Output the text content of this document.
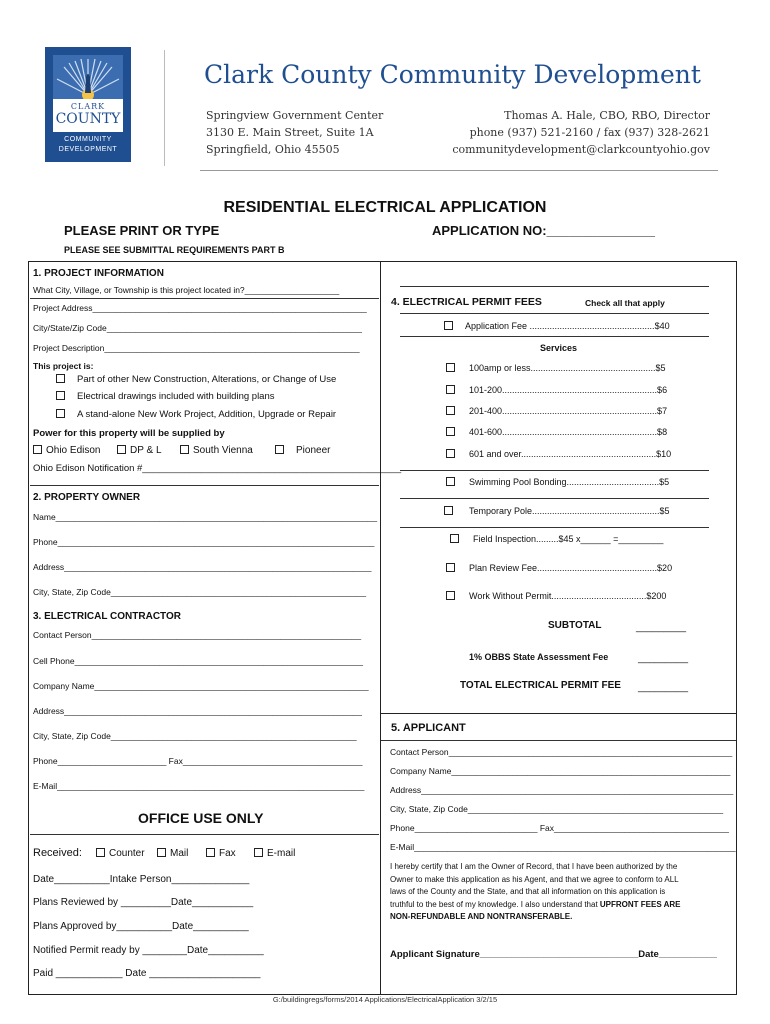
CLARK
COUNTY
COMMUNITY
DEVELOPMENT
Clark County Community Development
Springview Government Center
3130 E. Main Street, Suite 1A
Springfield, Ohio 45505
Thomas A. Hale, CBO, RBO, Director
phone (937) 521-2160 / fax (937) 328-2621
communitydevelopment@clarkcountyohio.gov
RESIDENTIAL ELECTRICAL APPLICATION
PLEASE PRINT OR TYPE	APPLICATION NO:_______________
PLEASE SEE SUBMITTAL REQUIREMENTS PART B
1. PROJECT INFORMATION
What City, Village, or Township is this project located in?____________________
Project Address__________________________________________________________
City/State/Zip Code______________________________________________________
Project Description______________________________________________________
This project is:
Part of other New Construction, Alterations, or Change of Use
Electrical drawings included with building plans
A stand-alone New Work Project, Addition, Upgrade or Repair
Power for this property will be supplied by
Ohio Edison	DP & L	South Vienna	Pioneer
Ohio Edison Notification #_________________________________________________
2. PROPERTY OWNER
Name____________________________________________________________________
Phone___________________________________________________________________
Address_________________________________________________________________
City, State, Zip Code______________________________________________________
3. ELECTRICAL CONTRACTOR
Contact Person_________________________________________________________
Cell Phone_____________________________________________________________
Company Name__________________________________________________________
Address_______________________________________________________________
City, State, Zip Code____________________________________________________
Phone_______________________ Fax______________________________________
E-Mail_________________________________________________________________
OFFICE USE ONLY
Received:	Counter	Mail	Fax	E-mail
Date__________Intake Person______________
Plans Reviewed by _________Date___________
Plans Approved by__________Date__________
Notified Permit ready by ________Date__________
Paid ____________ Date ____________________
4. ELECTRICAL PERMIT FEES	Check all that apply
Application Fee ..................................................$40
Services
100amp or less..................................................$5
101-200..............................................................$6
201-400..............................................................$7
401-600..............................................................$8
601 and over......................................................$10
Swimming Pool Bonding.....................................$5
Temporary Pole...................................................$5
Field Inspection.........$45 x______ =_________
Plan Review Fee................................................$20
Work Without Permit......................................$200
SUBTOTAL	_________
1% OBBS State Assessment Fee	_________
TOTAL ELECTRICAL PERMIT FEE _________
5. APPLICANT
Contact Person____________________________________________________________
Company Name___________________________________________________________
Address__________________________________________________________________
City, State, Zip Code______________________________________________________
Phone__________________________ Fax_____________________________________
E-Mail____________________________________________________________________
I hereby certify that I am the Owner of Record, that I have been authorized by the
Owner to make this application as his Agent, and that we agree to conform to ALL
laws of the County and the State, and that all information on this application is
truthful to the best of my knowledge. I also understand that UPFRONT FEES ARE
NON-REFUNDABLE AND NONTRANSFERABLE.
Applicant Signature______________________________Date___________
G:/buildingregs/forms/2014 Applications/ElectricalApplication 3/2/15
